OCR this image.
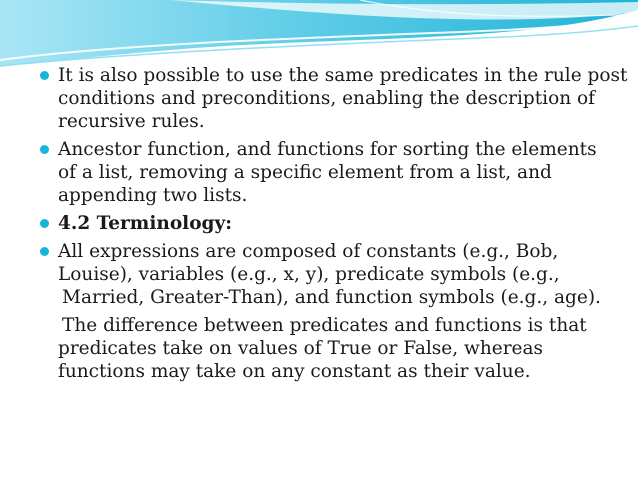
It is also possible to use the same predicates in the rule post
conditions and preconditions, enabling the description of
recursive rules.
Ancestor function, and functions for sorting the elements
of a list, removing a specific element from a list, and
appending two lists.
4.2 Terminology:
All expressions are composed of constants (e.g., Bob,
Louise), variables (e.g., x, y), predicate symbols (e.g.,
Married, Greater-Than), and function symbols (e.g., age).
The difference between predicates and functions is that
predicates take on values of True or False, whereas
functions may take on any constant as their value.
